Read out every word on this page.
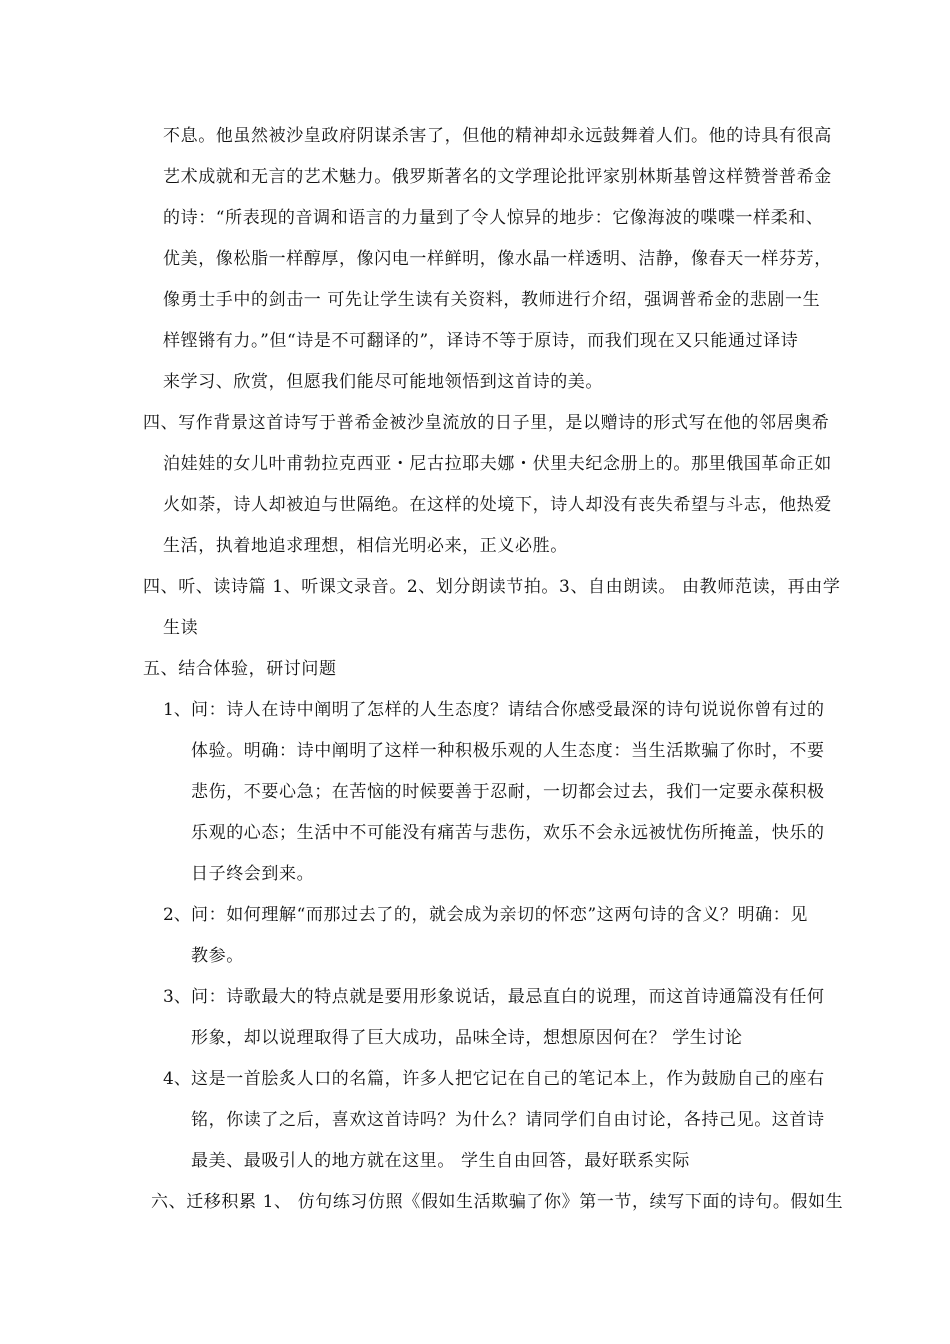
不息。他虽然被沙皇政府阴谋杀害了，但他的精神却永远鼓舞着人们。他的诗具有很高
艺术成就和无言的艺术魅力。俄罗斯著名的文学理论批评家别林斯基曾这样赞誉普希金
的诗：“所表现的音调和语言的力量到了令人惊异的地步：它像海波的喋喋一样柔和、
优美，像松脂一样醇厚，像闪电一样鲜明，像水晶一样透明、洁静，像春天一样芬芳，
像勇士手中的剑击一 可先让学生读有关资料，教师进行介绍，强调普希金的悲剧一生
样铿锵有力。”但“诗是不可翻译的”，译诗不等于原诗，而我们现在又只能通过译诗
来学习、欣赏，但愿我们能尽可能地领悟到这首诗的美。
四、写作背景这首诗写于普希金被沙皇流放的日子里，是以赠诗的形式写在他的邻居奥希
泊娃娃的女儿叶甫勃拉克西亚・尼古拉耶夫娜・伏里夫纪念册上的。那里俄国革命正如
火如荼，诗人却被迫与世隔绝。在这样的处境下，诗人却没有丧失希望与斗志，他热爱
生活，执着地追求理想，相信光明必来，正义必胜。
四、听、读诗篇 1、听课文录音。2、划分朗读节拍。3、自由朗读。 由教师范读，再由学
生读
五、结合体验，研讨问题
1、 问：诗人在诗中阐明了怎样的人生态度？请结合你感受最深的诗句说说你曾有过的
体验。明确：诗中阐明了这样一种积极乐观的人生态度：当生活欺骗了你时，不要
悲伤，不要心急；在苦恼的时候要善于忍耐，一切都会过去，我们一定要永葆积极
乐观的心态；生活中不可能没有痛苦与悲伤，欢乐不会永远被忧伤所掩盖，快乐的
日子终会到来。
2、 问：如何理解“而那过去了的，就会成为亲切的怀恋”这两句诗的含义？明确：见
教参。
3、 问：诗歌最大的特点就是要用形象说话，最忌直白的说理，而这首诗通篇没有任何
形象，却以说理取得了巨大成功，品味全诗，想想原因何在？ 学生讨论
4、 这是一首脍炙人口的名篇，许多人把它记在自己的笔记本上，作为鼓励自己的座右
铭，你读了之后，喜欢这首诗吗？为什么？请同学们自由讨论，各持己见。这首诗
最美、最吸引人的地方就在这里。 学生自由回答，最好联系实际
六、迁移积累 1、 仿句练习仿照《假如生活欺骗了你》第一节，续写下面的诗句。假如生
